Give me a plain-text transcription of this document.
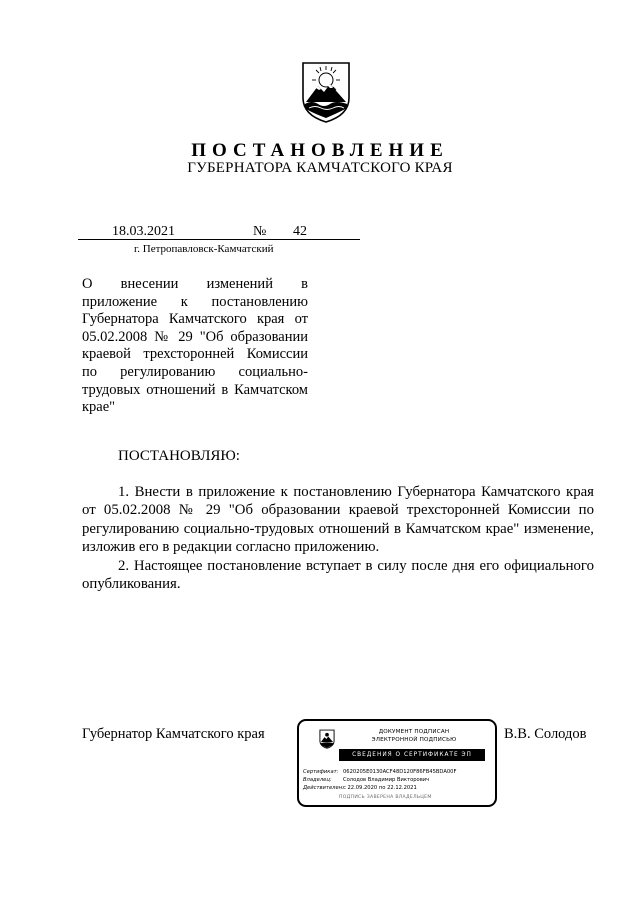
ПОСТАНОВЛЕНИЕ
ГУБЕРНАТОРА КАМЧАТСКОГО КРАЯ
18.03.2021	№ 42
г. Петропавловск-Камчатский
О внесении изменений в приложение к постановлению Губернатора Камчатского края от 05.02.2008 № 29 "Об образовании краевой трехсторонней Комиссии по регулированию социально-трудовых отношений в Камчатском крае"
ПОСТАНОВЛЯЮ:
1. Внести в приложение к постановлению Губернатора Камчатского края от 05.02.2008 № 29 "Об образовании краевой трехсторонней Комиссии по регулированию социально-трудовых отношений в Камчатском крае" изменение, изложив его в редакции согласно приложению.
2. Настоящее постановление вступает в силу после дня его официального опубликования.
Губернатор Камчатского края	В.В. Солодов
ДОКУМЕНТ ПОДПИСАН
ЭЛЕКТРОННОЙ ПОДПИСЬЮ
СВЕДЕНИЯ О СЕРТИФИКАТЕ ЭП
Сертификат: 0620205E0130ACF48D120F86FB45BDA00F
Владелец: Солодов Владимир Викторович
Действителен:с 22.09.2020 по 22.12.2021
ПОДПИСЬ ЗАВЕРЕНА ВЛАДЕЛЬЦЕМ
